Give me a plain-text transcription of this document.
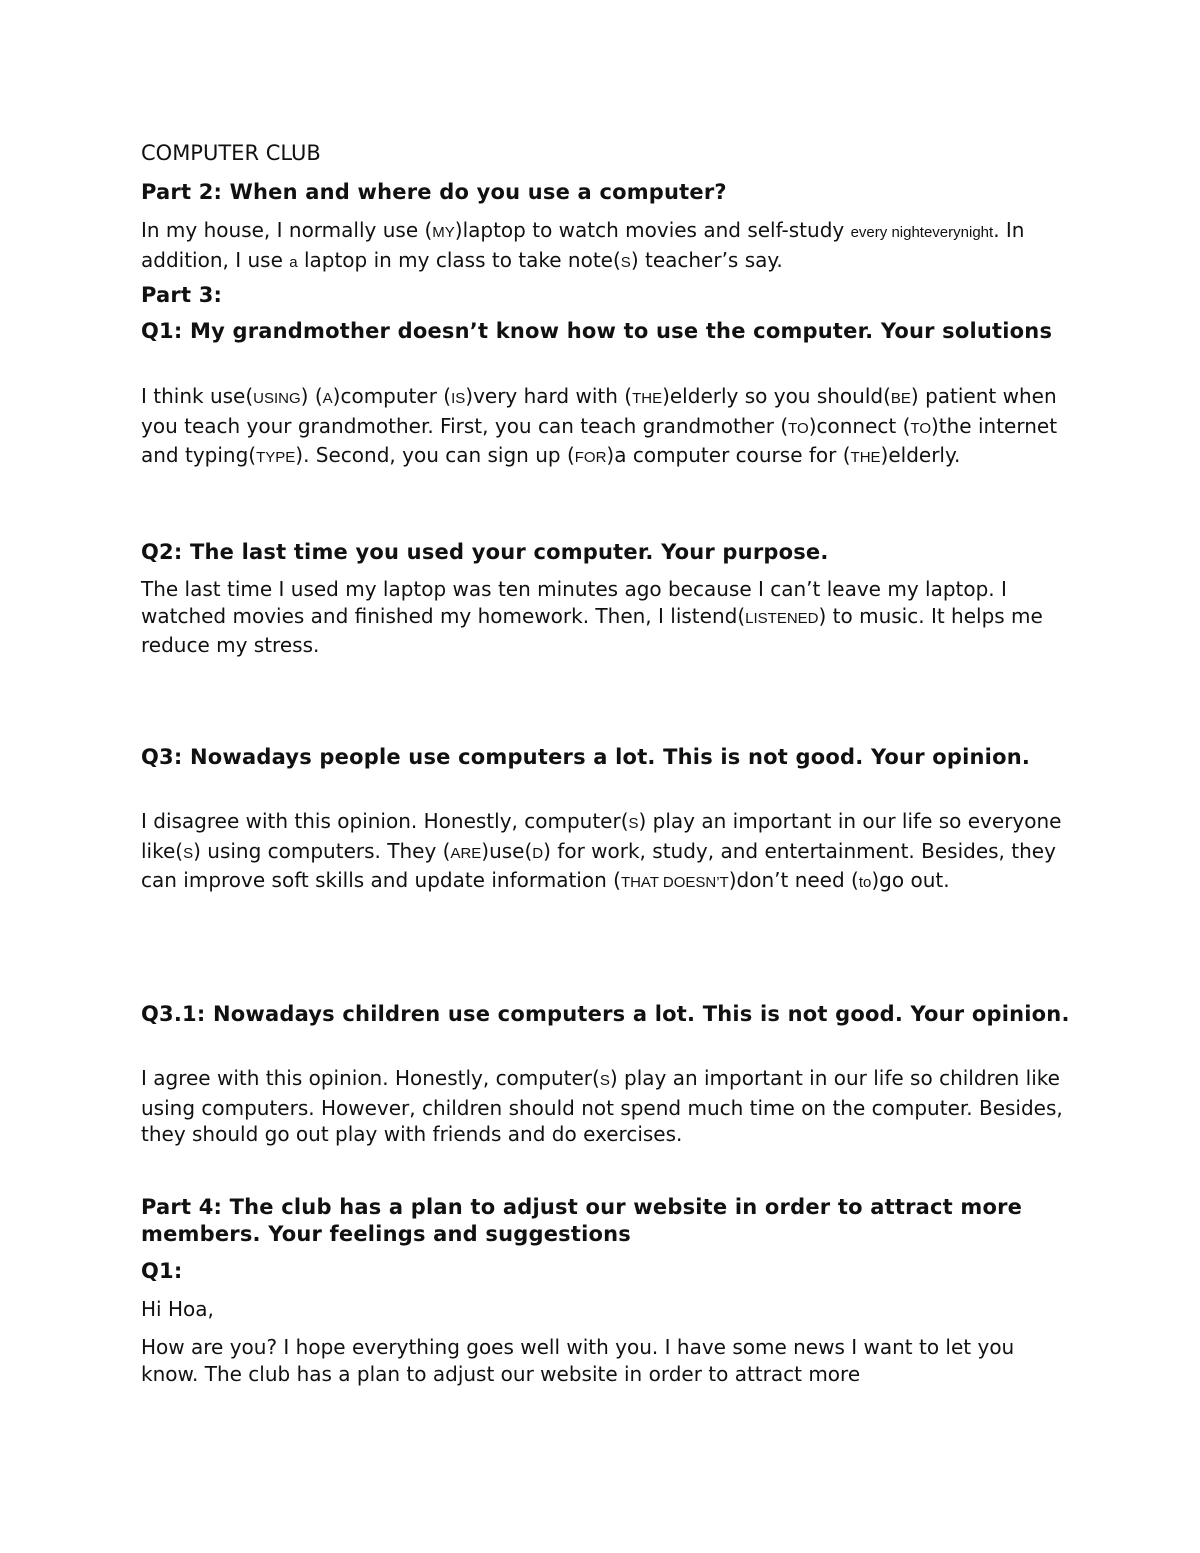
COMPUTER CLUB
Part 2: When and where do you use a computer?
In my house, I normally use (MY)laptop to watch movies and self-study every nighteverynight. In addition, I use a laptop in my class to take note(S) teacher’s say.
Part 3:
Q1: My grandmother doesn’t know how to use the computer. Your solutions
I think use(USING) (A)computer (IS)very hard with (THE)elderly so you should(BE) patient when you teach your grandmother. First, you can teach grandmother (TO)connect (TO)the internet and typing(TYPE). Second, you can sign up (FOR)a computer course for (THE)elderly.
Q2: The last time you used your computer. Your purpose.
The last time I used my laptop was ten minutes ago because I can’t leave my laptop. I watched movies and finished my homework. Then, I listend(LISTENED) to music. It helps me reduce my stress.
Q3: Nowadays people use computers a lot. This is not good. Your opinion.
I disagree with this opinion. Honestly, computer(S) play an important in our life so everyone like(S) using computers. They (ARE)use(D) for work, study, and entertainment. Besides, they can improve soft skills and update information (THAT DOESN’T)don’t need (to)go out.
Q3.1: Nowadays children use computers a lot. This is not good. Your opinion.
I agree with this opinion. Honestly, computer(S) play an important in our life so children like using computers. However, children should not spend much time on the computer. Besides, they should go out play with friends and do exercises.
Part 4: The club has a plan to adjust our website in order to attract more members. Your feelings and suggestions
Q1:
Hi Hoa,
How are you? I hope everything goes well with you. I have some news I want to let you know. The club has a plan to adjust our website in order to attract more
